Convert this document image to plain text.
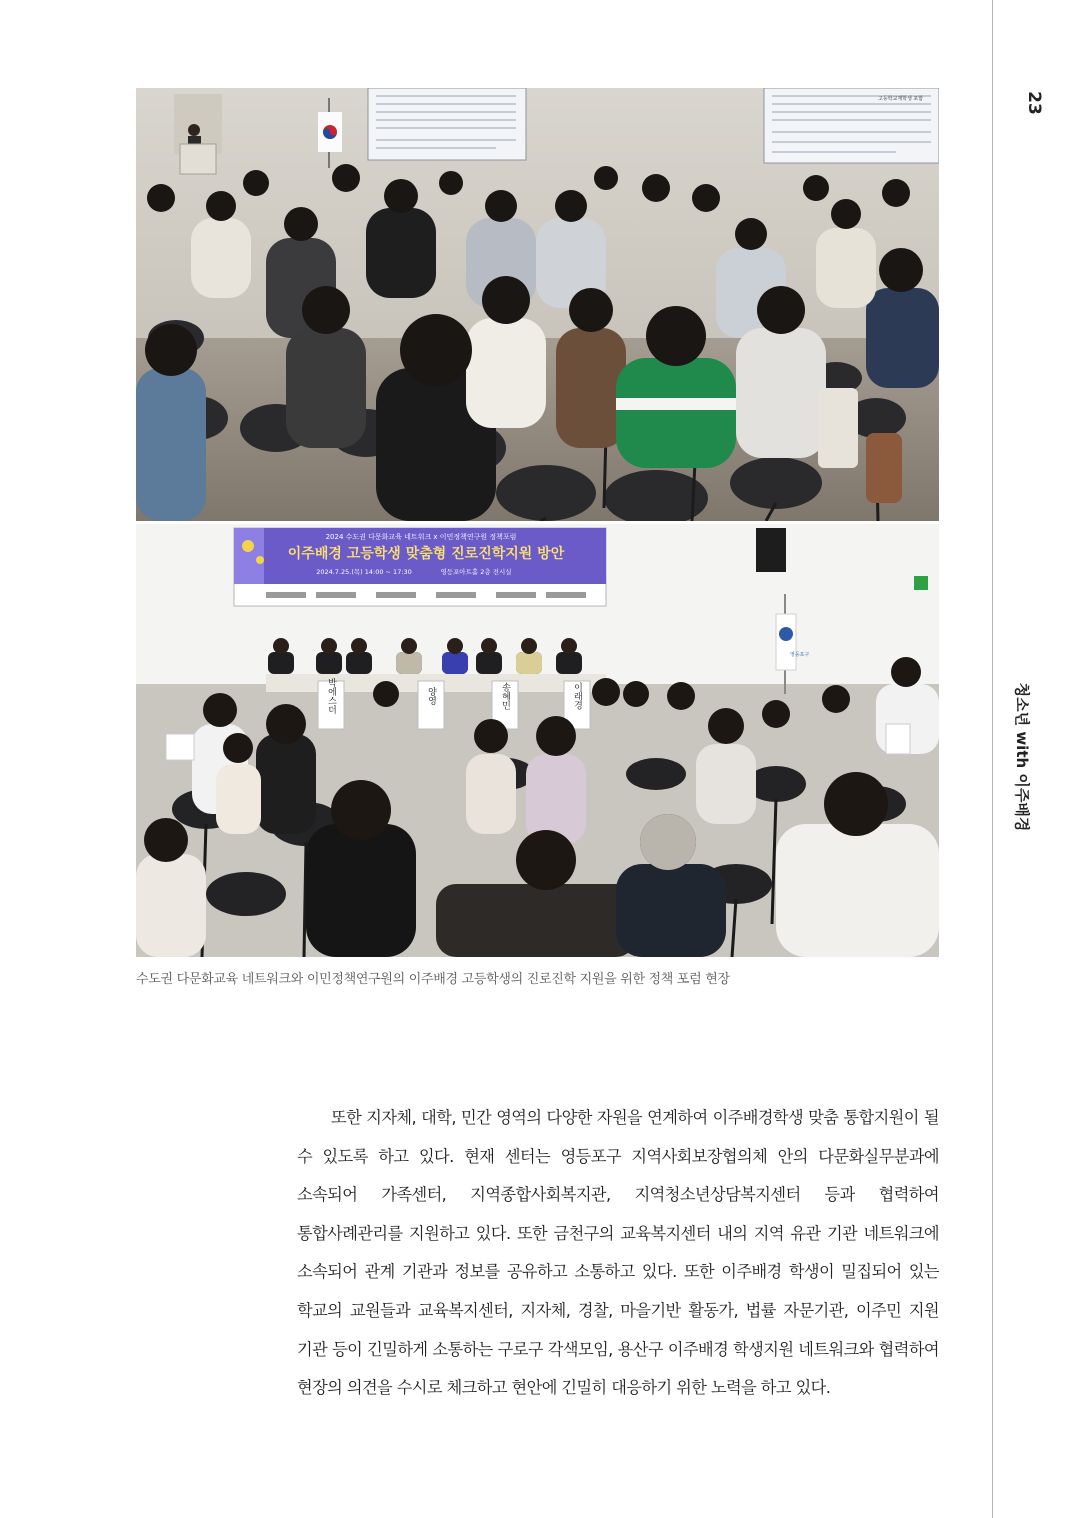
23
청소년 with 이주배경
고등학교재학생 포함
2024 수도권 다문화교육 네트워크 x 이민정책연구원 정책포럼
이주배경 고등학생 맞춤형 진로진학지원 방안
2024.7.25.(목) 14:00 ~ 17:30	영등포아트홀 2층 전시실
영등포구
박에스더	양영	송혜민	이래경
수도권 다문화교육 네트워크와 이민정책연구원의 이주배경 고등학생의 진로진학 지원을 위한 정책 포럼 현장

또한 지자체, 대학, 민간 영역의 다양한 자원을 연계하여 이주배경학생 맞춤 통합지원이 될 수 있도록 하고 있다. 현재 센터는 영등포구 지역사회보장협의체 안의 다문화실무분과에 소속되어 가족센터, 지역종합사회복지관, 지역청소년상담복지센터 등과 협력하여 통합사례관리를 지원하고 있다. 또한 금천구의 교육복지센터 내의 지역 유관 기관 네트워크에 소속되어 관계 기관과 정보를 공유하고 소통하고 있다. 또한 이주배경 학생이 밀집되어 있는 학교의 교원들과 교육복지센터, 지자체, 경찰, 마을기반 활동가, 법률 자문기관, 이주민 지원 기관 등이 긴밀하게 소통하는 구로구 각색모임, 용산구 이주배경 학생지원 네트워크와 협력하여 현장의 의견을 수시로 체크하고 현안에 긴밀히 대응하기 위한 노력을 하고 있다.
